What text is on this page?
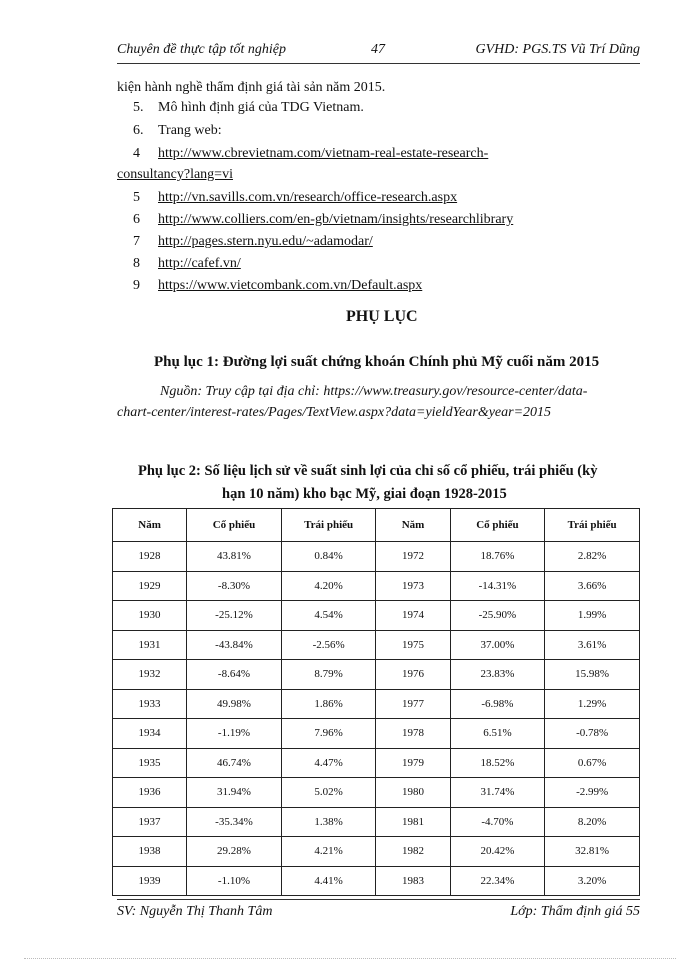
Chuyên đề thực tập tốt nghiệp	47	GVHD: PGS.TS Vũ Trí Dũng
kiện hành nghề thẩm định giá tài sản năm 2015.
5. Mô hình định giá của TDG Vietnam.
6. Trang web:
4 http://www.cbrevietnam.com/vietnam-real-estate-research-
consultancy?lang=vi
5 http://vn.savills.com.vn/research/office-research.aspx
6 http://www.colliers.com/en-gb/vietnam/insights/researchlibrary
7 http://pages.stern.nyu.edu/~adamodar/
8 http://cafef.vn/
9 https://www.vietcombank.com.vn/Default.aspx
PHỤ LỤC
Phụ lục 1: Đường lợi suất chứng khoán Chính phủ Mỹ cuối năm 2015
Nguồn: Truy cập tại địa chỉ: https://www.treasury.gov/resource-center/data-
chart-center/interest-rates/Pages/TextView.aspx?data=yieldYear&year=2015
Phụ lục 2: Số liệu lịch sử về suất sinh lợi của chỉ số cổ phiếu, trái phiếu (kỳ
hạn 10 năm) kho bạc Mỹ, giai đoạn 1928-2015
Năm	Cổ phiếu	Trái phiếu	Năm	Cổ phiếu	Trái phiếu
1928	43.81%	0.84%	1972	18.76%	2.82%
1929	-8.30%	4.20%	1973	-14.31%	3.66%
1930	-25.12%	4.54%	1974	-25.90%	1.99%
1931	-43.84%	-2.56%	1975	37.00%	3.61%
1932	-8.64%	8.79%	1976	23.83%	15.98%
1933	49.98%	1.86%	1977	-6.98%	1.29%
1934	-1.19%	7.96%	1978	6.51%	-0.78%
1935	46.74%	4.47%	1979	18.52%	0.67%
1936	31.94%	5.02%	1980	31.74%	-2.99%
1937	-35.34%	1.38%	1981	-4.70%	8.20%
1938	29.28%	4.21%	1982	20.42%	32.81%
1939	-1.10%	4.41%	1983	22.34%	3.20%
SV: Nguyễn Thị Thanh Tâm	Lớp: Thẩm định giá 55
